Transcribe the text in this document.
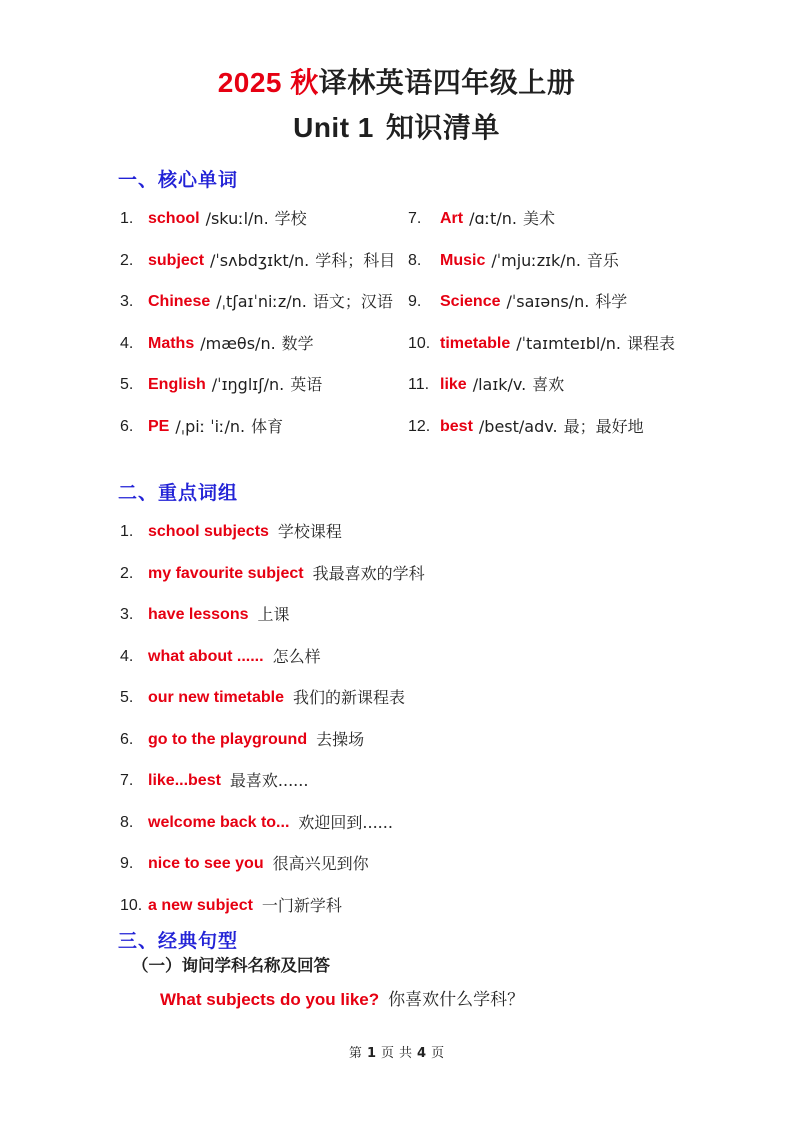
2025 秋译林英语四年级上册
Unit 1 知识清单
一、核心单词
1. school /skuːl/n. 学校
2. subject /ˈsʌbdʒɪkt/n. 学科；科目
3. Chinese /ˌtʃaɪˈniːz/n. 语文；汉语
4. Maths /mæθs/n. 数学
5. English /ˈɪŋglɪʃ/n. 英语
6. PE /ˌpiː ˈiː/n. 体育
7.	Art /ɑːt/n. 美术
8.	Music /ˈmjuːzɪk/n. 音乐
9.	Science /ˈsaɪəns/n. 科学
10. timetable /ˈtaɪmteɪbl/n. 课程表
11. like /laɪk/v. 喜欢
12. best /best/adv. 最；最好地
二、重点词组
1. school subjects 学校课程
2. my favourite subject 我最喜欢的学科
3. have lessons 上课
4. what about ...... 怎么样
5. our new timetable 我们的新课程表
6. go to the playground 去操场
7. like...best 最喜欢......
8. welcome back to... 欢迎回到......
9. nice to see you 很高兴见到你
10. a new subject 一门新学科
三、经典句型
（一）询问学科名称及回答
What subjects do you like? 你喜欢什么学科？
第 1 页 共 4 页
